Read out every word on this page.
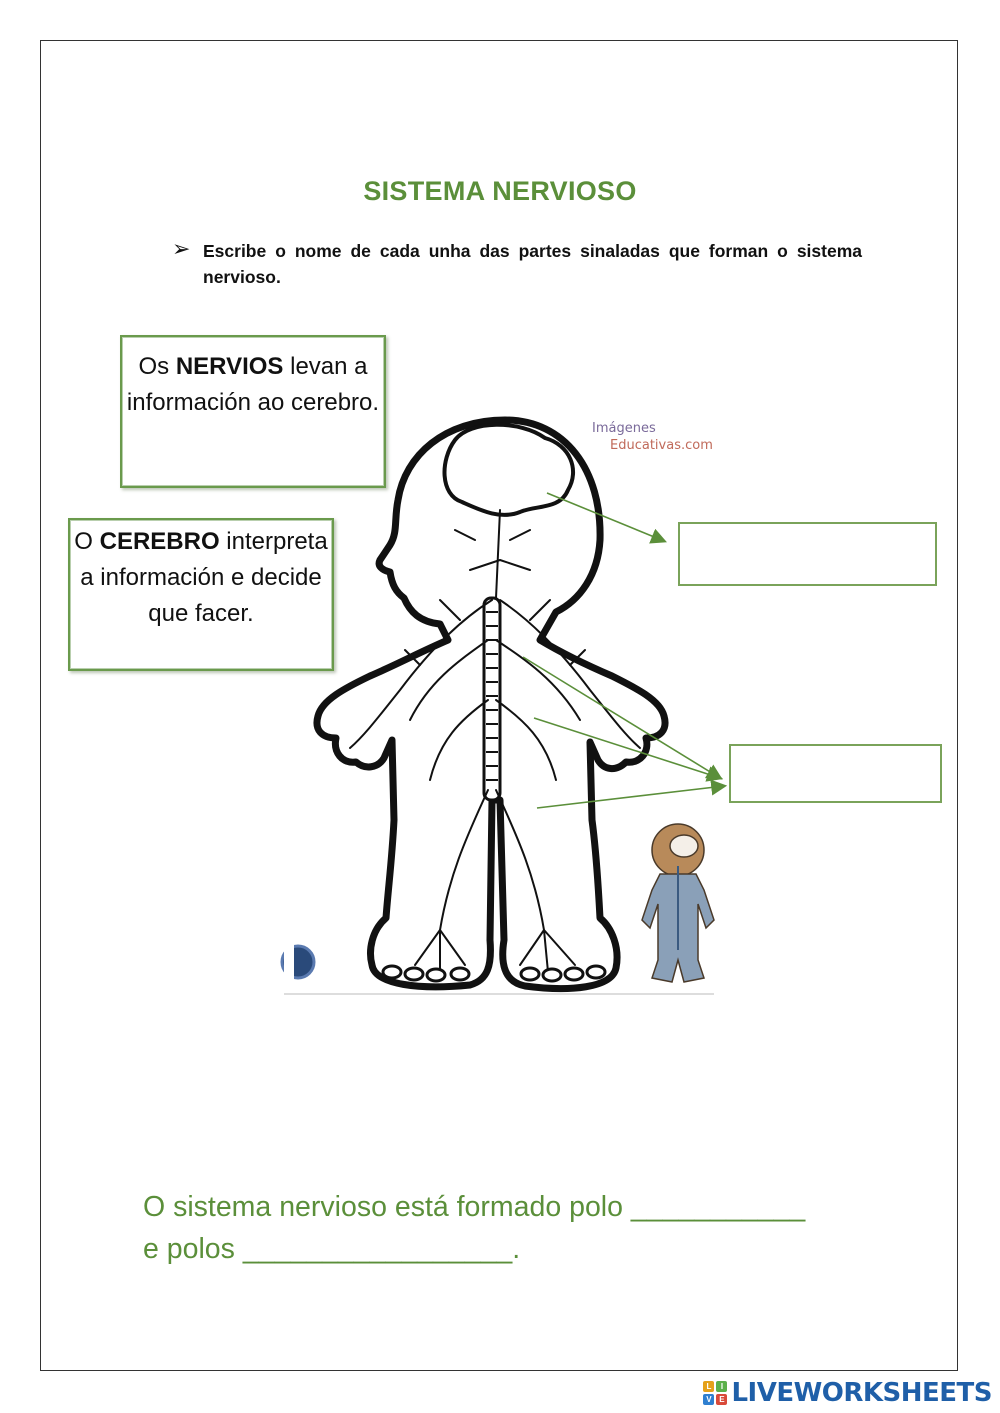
SISTEMA NERVIOSO
➢ Escribe o nome de cada unha das partes sinaladas que forman o sistema nervioso.
Imágenes
Educativas.com
Os NERVIOS levan a información ao cerebro.
O CEREBRO interpreta a información e decide que facer.
O sistema nervioso está formado polo ___________
e polos _________________.
L	I
V E LIVEWORKSHEETS
